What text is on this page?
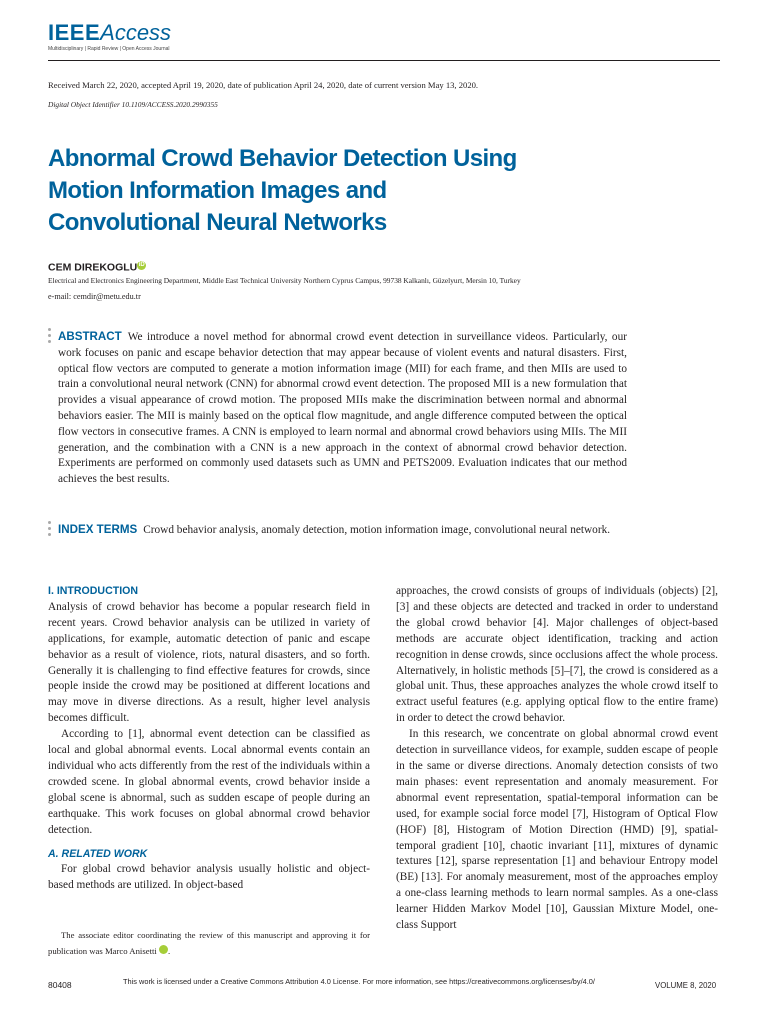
IEEEAccess
Multidisciplinary | Rapid Review | Open Access Journal
Received March 22, 2020, accepted April 19, 2020, date of publication April 24, 2020, date of current version May 13, 2020.
Digital Object Identifier 10.1109/ACCESS.2020.2990355
Abnormal Crowd Behavior Detection Using
Motion Information Images and
Convolutional Neural Networks
CEM DIREKOGLU iD
Electrical and Electronics Engineering Department, Middle East Technical University Northern Cyprus Campus, 99738 Kalkanlı, Güzelyurt, Mersin 10, Turkey
e-mail: cemdir@metu.edu.tr
ABSTRACT We introduce a novel method for abnormal crowd event detection in surveillance videos. Particularly, our work focuses on panic and escape behavior detection that may appear because of violent events and natural disasters. First, optical flow vectors are computed to generate a motion information image (MII) for each frame, and then MIIs are used to train a convolutional neural network (CNN) for abnormal crowd event detection. The proposed MII is a new formulation that provides a visual appearance of crowd motion. The proposed MIIs make the discrimination between normal and abnormal behaviors easier. The MII is mainly based on the optical flow magnitude, and angle difference computed between the optical flow vectors in consecutive frames. A CNN is employed to learn normal and abnormal crowd behaviors using MIIs. The MII generation, and the combination with a CNN is a new approach in the context of abnormal crowd behavior detection. Experiments are performed on commonly used datasets such as UMN and PETS2009. Evaluation indicates that our method achieves the best results.
INDEX TERMS Crowd behavior analysis, anomaly detection, motion information image, convolutional neural network.
I. INTRODUCTION

Analysis of crowd behavior has become a popular research field in recent years. Crowd behavior analysis can be utilized in variety of applications, for example, automatic detection of panic and escape behavior as a result of violence, riots, natural disasters, and so forth. Generally it is challenging to find effective features for crowds, since people inside the crowd may be positioned at different locations and may move in diverse directions. As a result, higher level analysis becomes difficult.

According to [1], abnormal event detection can be classified as local and global abnormal events. Local abnormal events contain an individual who acts differently from the rest of the individuals within a crowded scene. In global abnormal events, crowd behavior inside a global scene is abnormal, such as sudden escape of people during an earthquake. This work focuses on global abnormal crowd behavior detection.

A. RELATED WORK

For global crowd behavior analysis usually holistic and object-based methods are utilized. In object-based

The associate editor coordinating the review of this manuscript and approving it for publication was Marco Anisetti	iD.

approaches, the crowd consists of groups of individuals (objects) [2], [3] and these objects are detected and tracked in order to understand the global crowd behavior [4]. Major challenges of object-based methods are accurate object identification, tracking and action recognition in dense crowds, since occlusions affect the whole process. Alternatively, in holistic methods [5]–[7], the crowd is considered as a global unit. Thus, these approaches analyzes the whole crowd itself to extract useful features (e.g. applying optical flow to the entire frame) in order to detect the crowd behavior.

In this research, we concentrate on global abnormal crowd event detection in surveillance videos, for example, sudden escape of people in the same or diverse directions. Anomaly detection consists of two main phases: event representation and anomaly measurement. For abnormal event representation, spatial-temporal information can be used, for example social force model [7], Histogram of Optical Flow (HOF) [8], Histogram of Motion Direction (HMD) [9], spatial-temporal gradient [10], chaotic invariant [11], mixtures of dynamic textures [12], sparse representation [1] and behaviour Entropy model (BE) [13]. For anomaly measurement, most of the approaches employ a one-class learning methods to learn normal samples. As a one-class learner Hidden Markov Model [10], Gaussian Mixture Model, one-class Support

80408	This work is licensed under a Creative Commons Attribution 4.0 License. For more information, see https://creativecommons.org/licenses/by/4.0/	VOLUME 8, 2020
